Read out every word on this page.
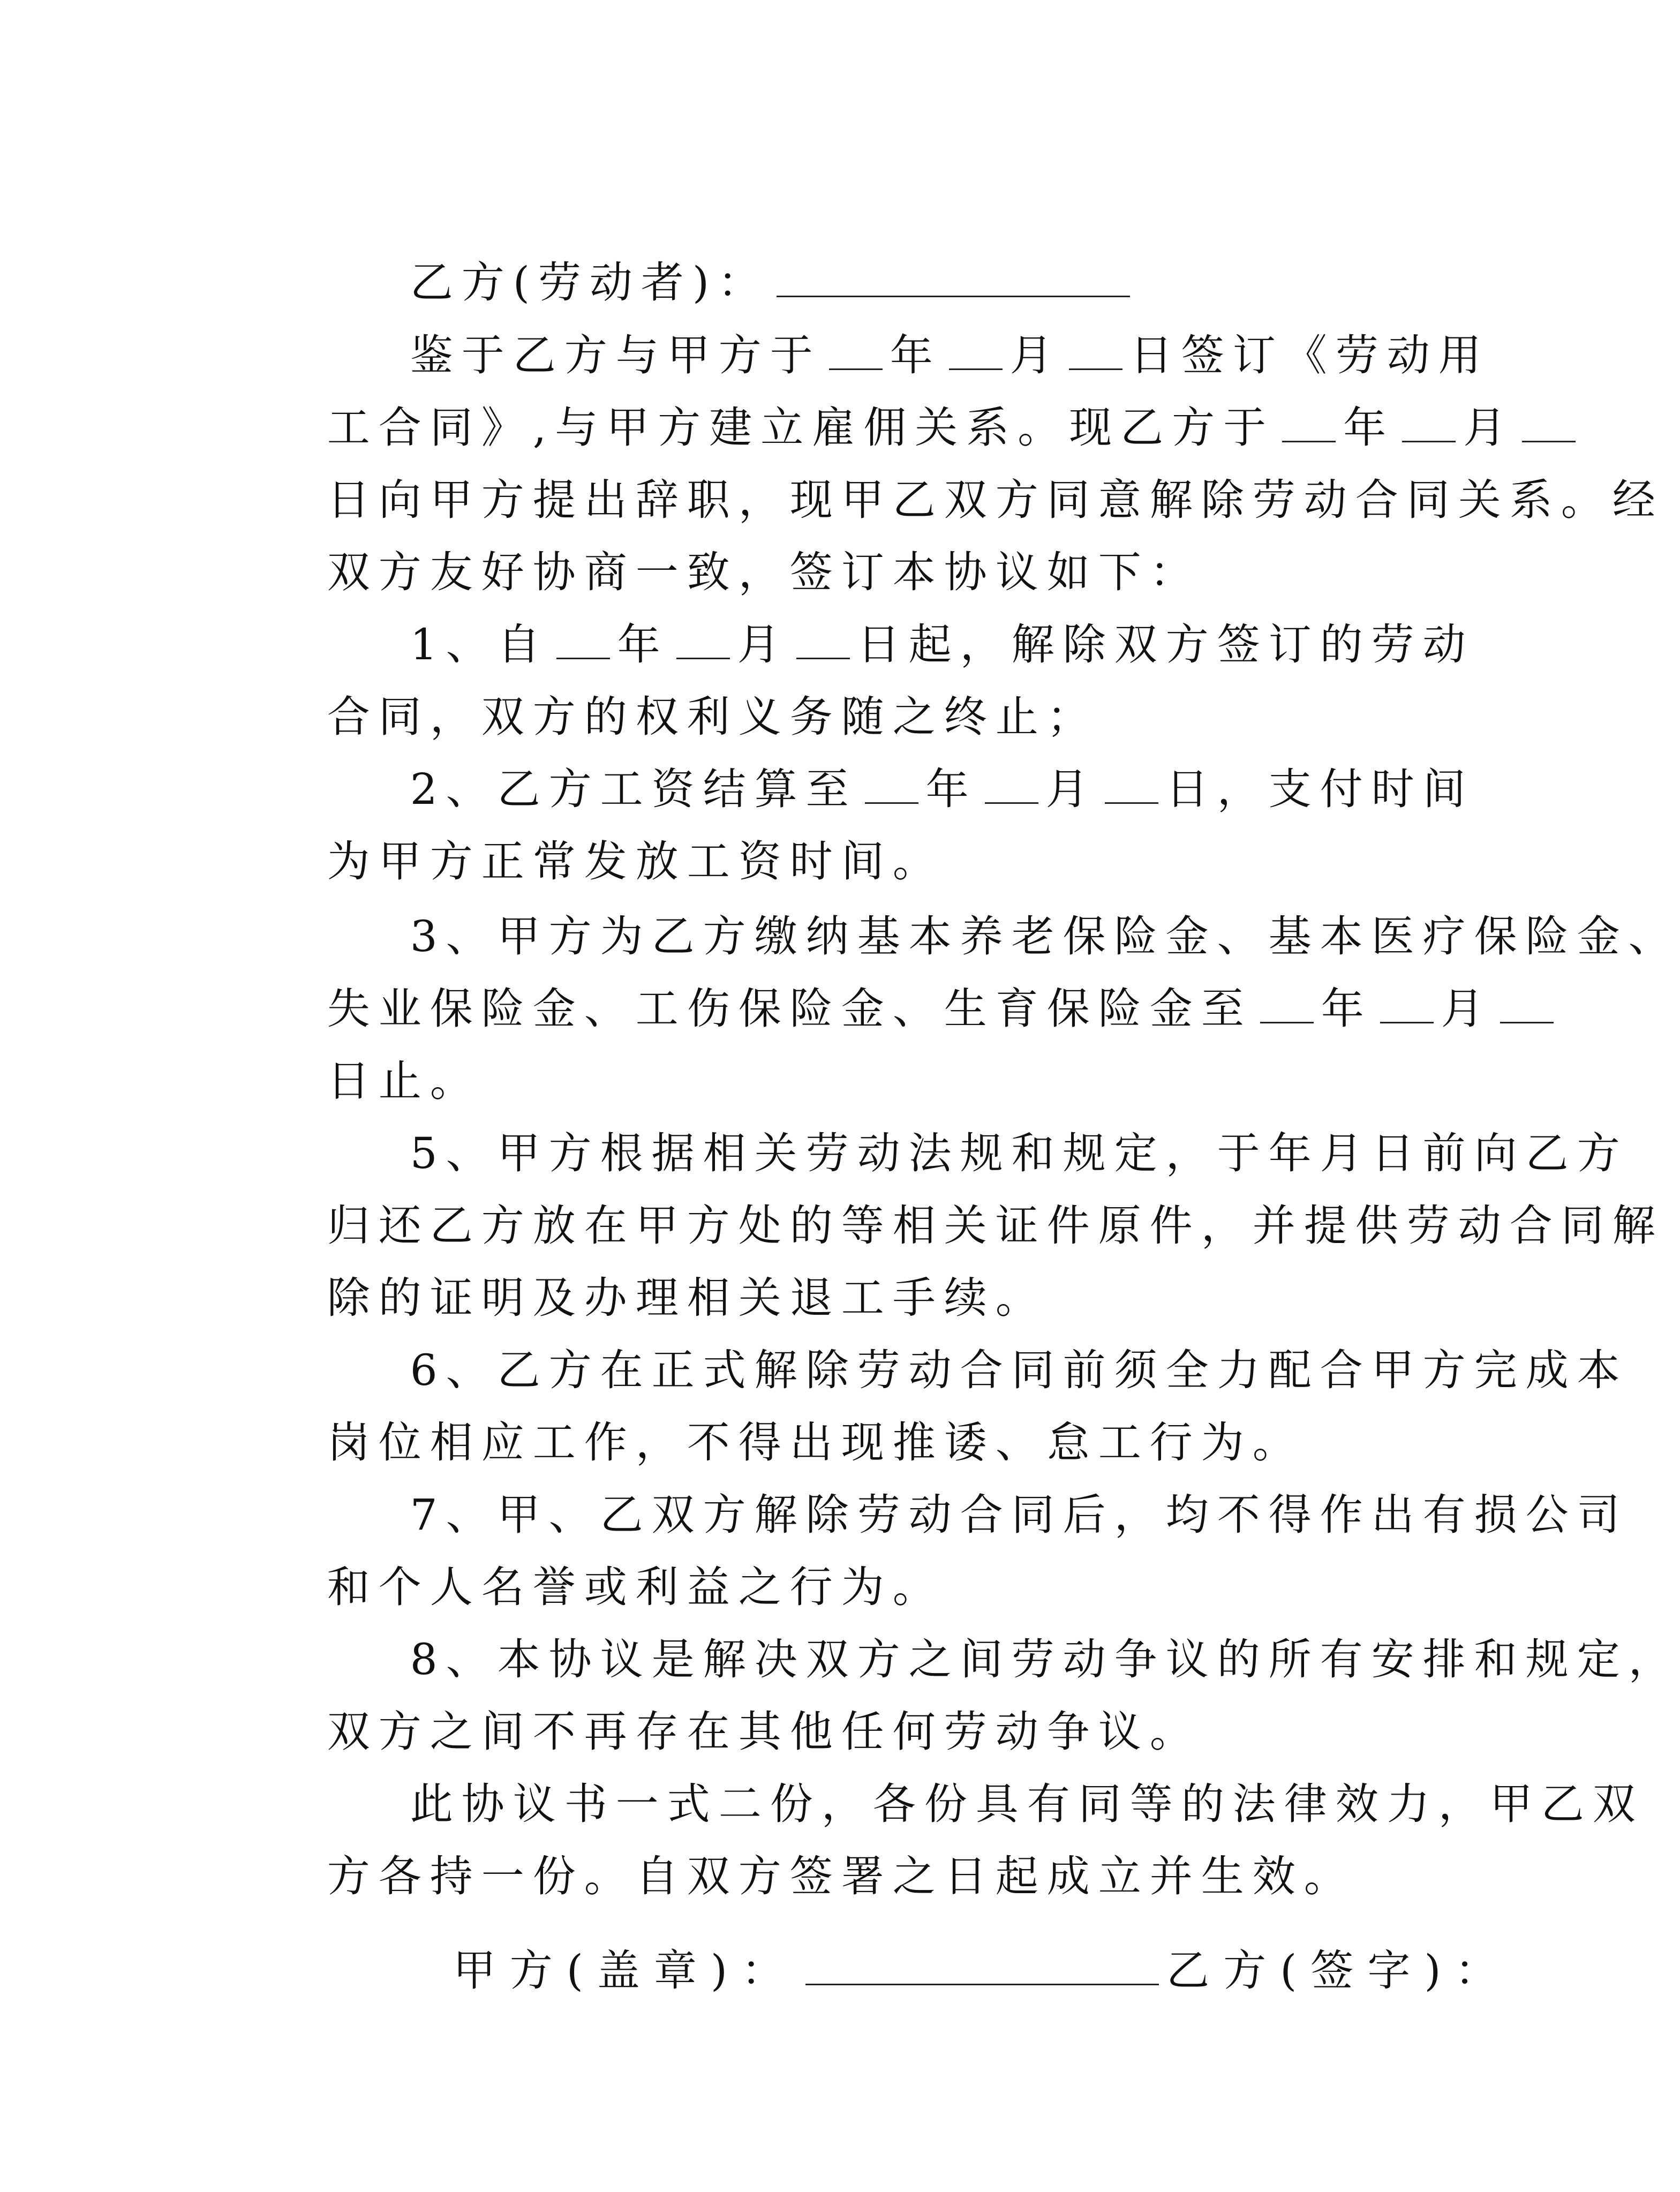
乙方(劳动者)：

鉴于乙方与甲方于 年 月 日签订《劳动用

工合同》,与甲方建立雇佣关系。现乙方于 年 月

日向甲方提出辞职，现甲乙双方同意解除劳动合同关系。经

双方友好协商一致，签订本协议如下：

1、自 年 月 日起，解除双方签订的劳动

合同，双方的权利义务随之终止；

2、乙方工资结算至 年 月 日，支付时间

为甲方正常发放工资时间。

3、甲方为乙方缴纳基本养老保险金、基本医疗保险金、

失业保险金、工伤保险金、生育保险金至 年 月

日止。

5、甲方根据相关劳动法规和规定，于年月日前向乙方

归还乙方放在甲方处的等相关证件原件，并提供劳动合同解

除的证明及办理相关退工手续。

6、乙方在正式解除劳动合同前须全力配合甲方完成本

岗位相应工作，不得出现推诿、怠工行为。

7、甲、乙双方解除劳动合同后，均不得作出有损公司

和个人名誉或利益之行为。

8、本协议是解决双方之间劳动争议的所有安排和规定，

双方之间不再存在其他任何劳动争议。

此协议书一式二份，各份具有同等的法律效力，甲乙双

方各持一份。自双方签署之日起成立并生效。

甲方(盖章)：	乙方(签字)：
